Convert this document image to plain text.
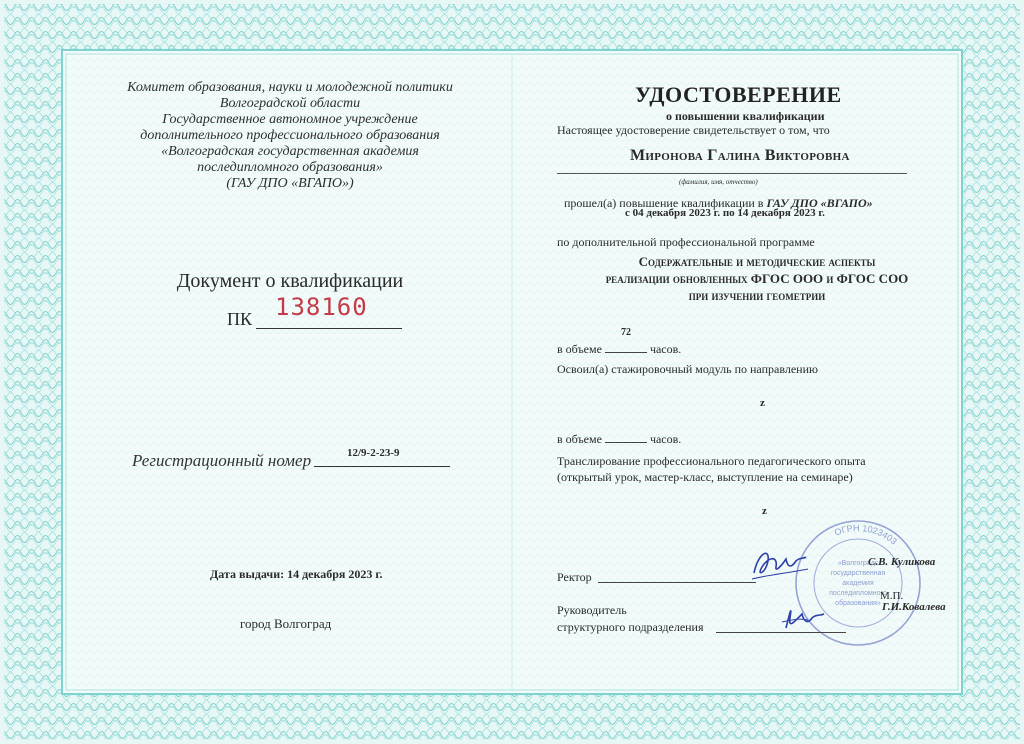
Комитет образования, науки и молодежной политики
Волгоградской области
Государственное автономное учреждение
дополнительного профессионального образования
«Волгоградская государственная академия
последипломного образования»
(ГАУ ДПО «ВГАПО»)
Документ о квалификации
ПК 138160
Регистрационный номер	12/9-2-23-9
Дата выдачи: 14 декабря 2023 г.
город Волгоград
УДОСТОВЕРЕНИЕ
о повышении квалификации
Настоящее удостоверение свидетельствует о том, что
Миронова Галина Викторовна
(фамилия, имя, отчество)
прошел(а) повышение квалификации в ГАУ ДПО «ВГАПО»
с 04 декабря 2023 г. по 14 декабря 2023 г.
по дополнительной профессиональной программе
Содержательные и методические аспекты
реализации обновленных ФГОС ООО и ФГОС СОО
при изучении геометрии
72
в объеме	часов.
Освоил(а) стажировочный модуль по направлению
z
в объеме	часов.
Транслирование профессионального педагогического опыта
(открытый урок, мастер-класс, выступление на семинаре)
z
ОГРН 1023403
«Волгоградс
государственная
академия
последипломного
образования»
Ректор
С.В. Куликова
М.П.
Руководитель
структурного подразделения
Г.И.Ковалева
